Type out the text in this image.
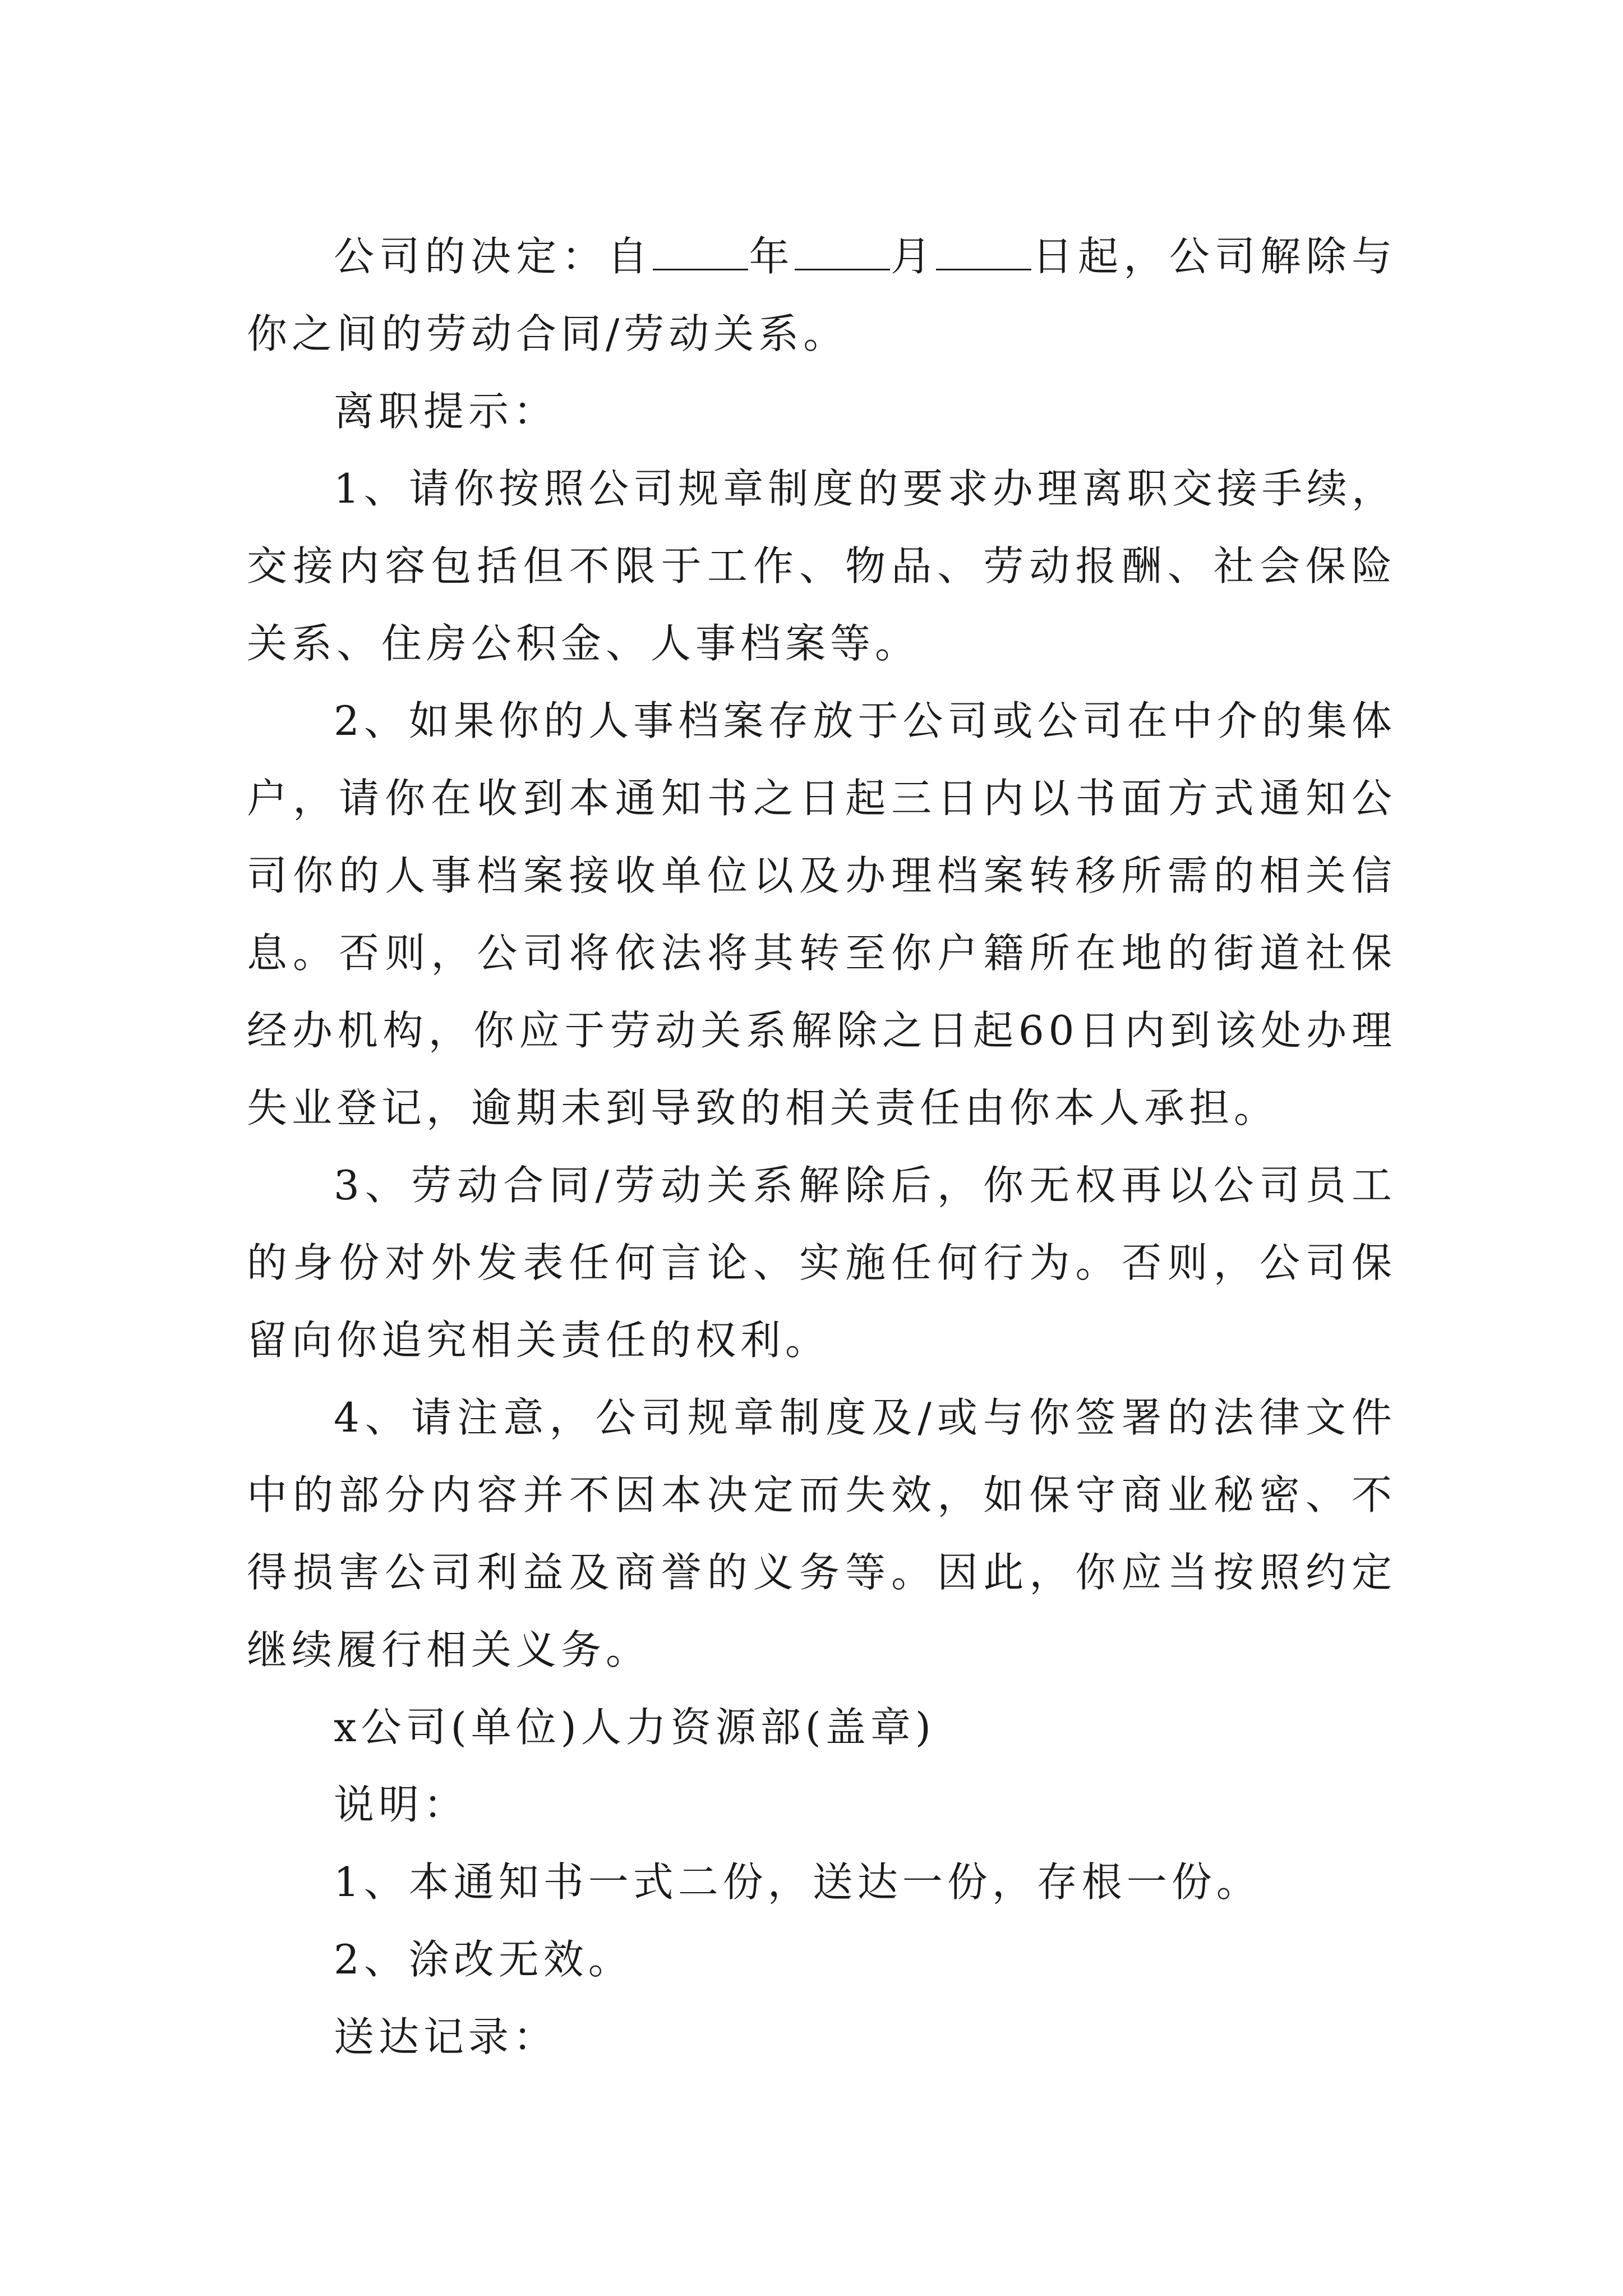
公司的决定：自 年 月 日起，公司解除与你之间的劳动合同/劳动关系。

离职提示：

1、请你按照公司规章制度的要求办理离职交接手续，交接内容包括但不限于工作、物品、劳动报酬、社会保险关系、住房公积金、人事档案等。

2、如果你的人事档案存放于公司或公司在中介的集体户，请你在收到本通知书之日起三日内以书面方式通知公司你的人事档案接收单位以及办理档案转移所需的相关信息。否则，公司将依法将其转至你户籍所在地的街道社保经办机构，你应于劳动关系解除之日起60日内到该处办理失业登记，逾期未到导致的相关责任由你本人承担。

3、劳动合同/劳动关系解除后，你无权再以公司员工的身份对外发表任何言论、实施任何行为。否则，公司保留向你追究相关责任的权利。

4、请注意，公司规章制度及/或与你签署的法律文件中的部分内容并不因本决定而失效，如保守商业秘密、不得损害公司利益及商誉的义务等。因此，你应当按照约定继续履行相关义务。

x公司(单位)人力资源部(盖章)

说明：

1、本通知书一式二份，送达一份，存根一份。

2、涂改无效。

送达记录：
